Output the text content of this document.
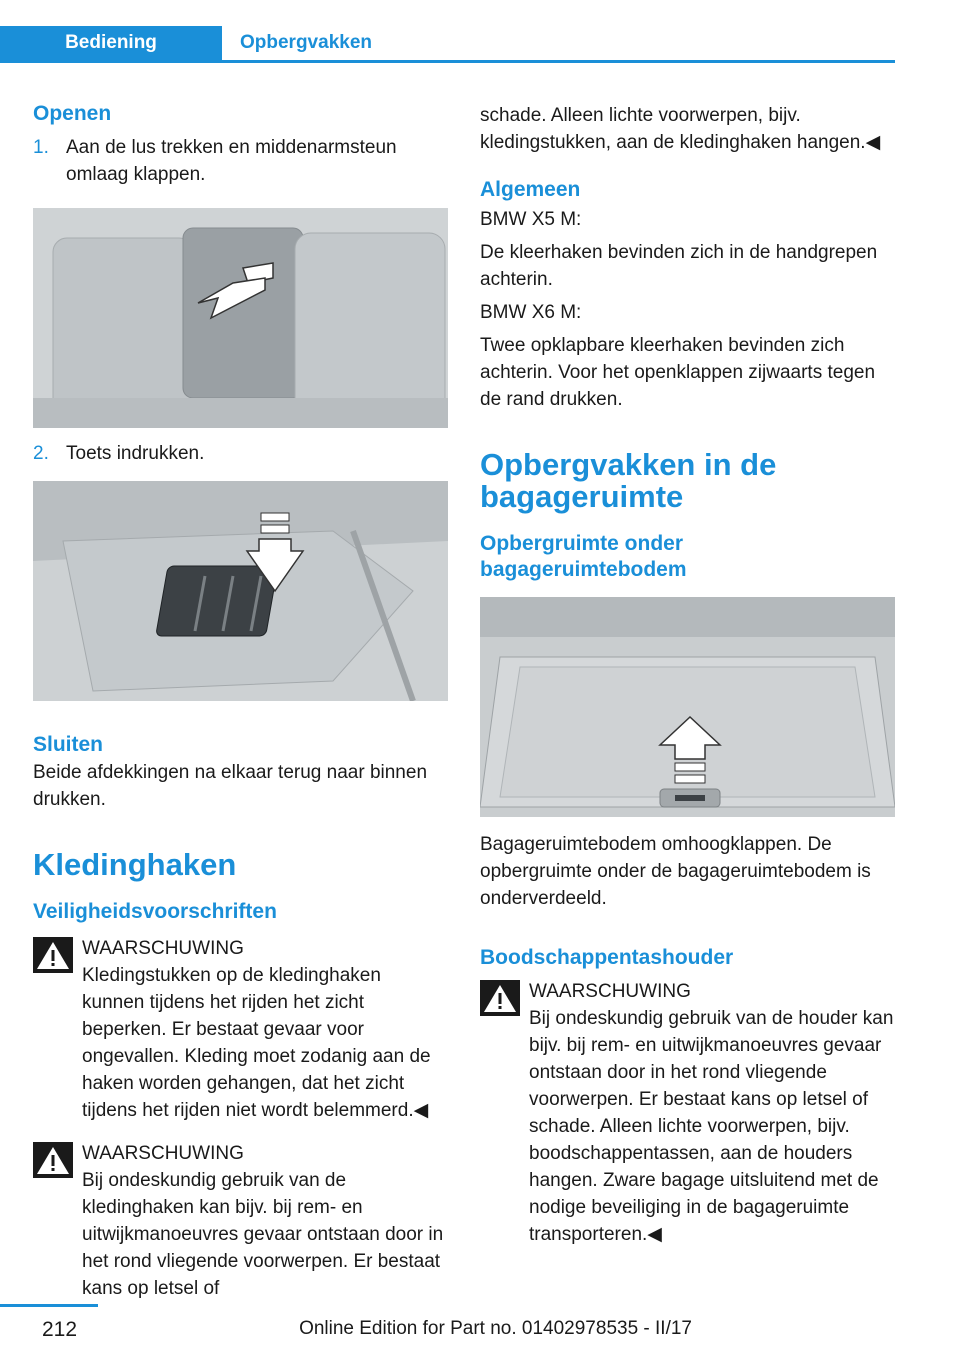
Bediening	Opbergvakken

Openen

1. Aan de lus trekken en middenarmsteun omlaag klappen.
2. Toets indrukken.

Sluiten

Beide afdekkingen na elkaar terug naar binnen drukken.

Kledinghaken

Veiligheidsvoorschriften

WAARSCHUWING
Kledingstukken op de kledinghaken kunnen tijdens het rijden het zicht beperken. Er bestaat gevaar voor ongevallen. Kleding moet zodanig aan de haken worden gehangen, dat het zicht tijdens het rijden niet wordt belemmerd.◀
WAARSCHUWING
Bij ondeskundig gebruik van de kledinghaken kan bijv. bij rem- en uitwijkmanoeuvres gevaar ontstaan door in het rond vliegende voorwerpen. Er bestaat kans op letsel of

schade. Alleen lichte voorwerpen, bijv. kledingstukken, aan de kledinghaken hangen.◀

Algemeen

BMW X5 M:

De kleerhaken bevinden zich in de handgrepen achterin.

BMW X6 M:

Twee opklapbare kleerhaken bevinden zich achterin. Voor het openklappen zijwaarts tegen de rand drukken.

Opbergvakken in de bagageruimte

Opbergruimte onder bagageruimtebodem

Bagageruimtebodem omhoogklappen. De opbergruimte onder de bagageruimtebodem is onderverdeeld.

Boodschappentashouder

WAARSCHUWING
Bij ondeskundig gebruik van de houder kan bijv. bij rem- en uitwijkmanoeuvres gevaar ontstaan door in het rond vliegende voorwerpen. Er bestaat kans op letsel of schade. Alleen lichte voorwerpen, bijv. boodschappentassen, aan de houders hangen. Zware bagage uitsluitend met de nodige beveiliging in de bagageruimte transporteren.◀
212	Online Edition for Part no. 01402978535 - II/17
